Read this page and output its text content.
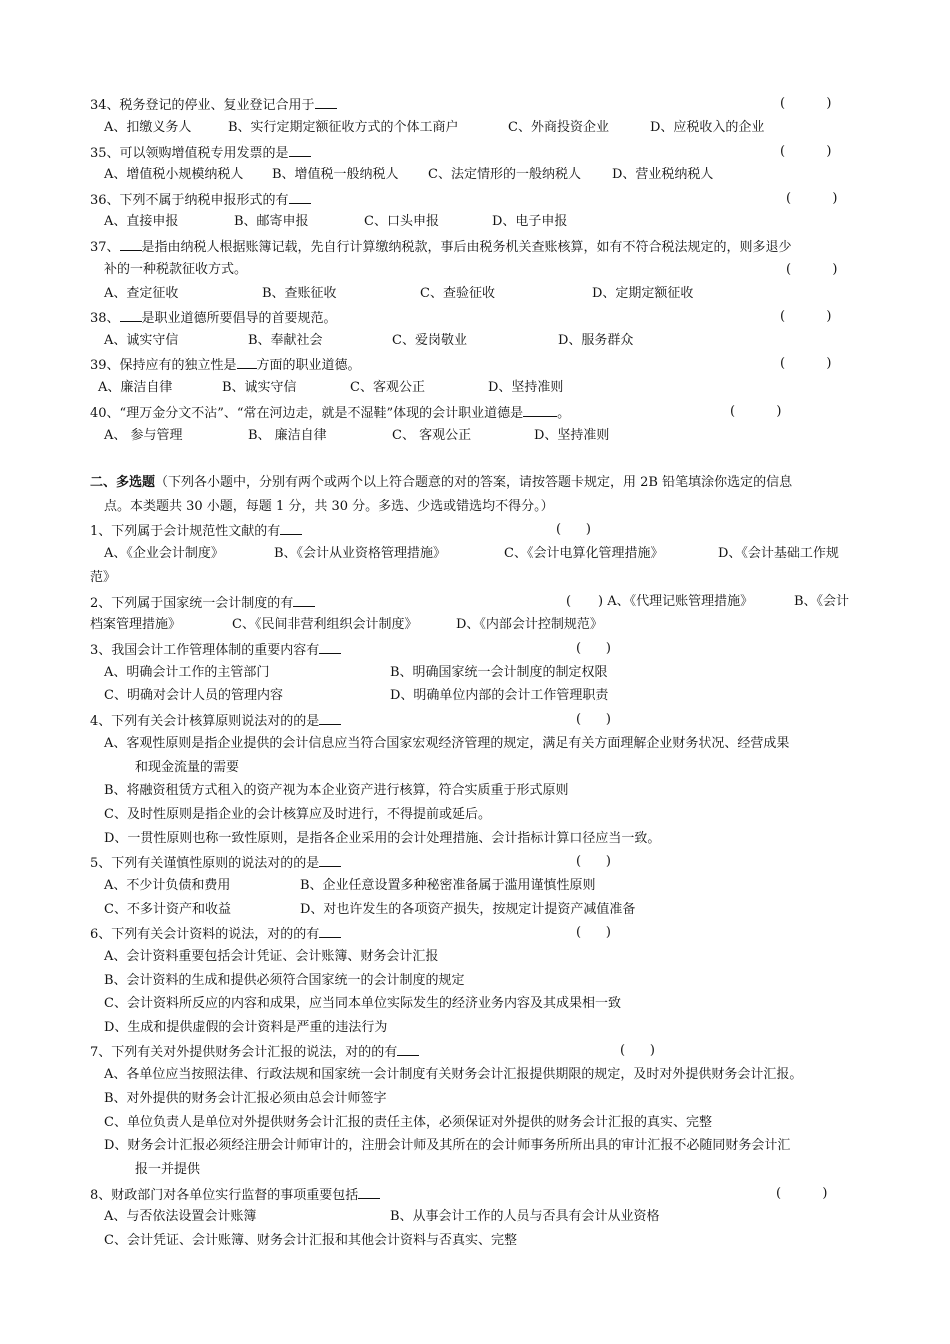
34、税务登记的停业、复业登记合用于	(          )
A、扣缴义务人	B、实行定期定额征收方式的个体工商户	C、外商投资企业	D、应税收入的企业
35、可以领购增值税专用发票的是	(          )
A、增值税小规模纳税人 B、增值税一般纳税人 C、法定情形的一般纳税人 D、营业税纳税人
36、下列不属于纳税申报形式的有	(          )
A、直接申报	B、邮寄申报	C、口头申报	D、电子申报
37、 是指由纳税人根据账簿记载，先自行计算缴纳税款，事后由税务机关查账核算，如有不符合税法规定的，则多退少
补的一种税款征收方式。	(          )
A、查定征收	B、查账征收	C、查验征收	D、定期定额征收
38、 是职业道德所要倡导的首要规范。	(          )
A、诚实守信	B、奉献社会	C、爱岗敬业	D、服务群众
39、保持应有的独立性是 方面的职业道德。	(          )
A、廉洁自律	B、诚实守信	C、客观公正	D、坚持准则
40、“理万金分文不沾”、“常在河边走，就是不湿鞋”体现的会计职业道德是	。	(          )
A、 参与管理	B、 廉洁自律	C、 客观公正	D、坚持准则
二、多选题（下列各小题中，分别有两个或两个以上符合题意的对的答案，请按答题卡规定，用 2B 铅笔填涂你选定的信息
点。本类题共 30 小题，每题 1 分，共 30 分。多选、少选或错选均不得分。）
1、下列属于会计规范性文献的有	(      )
A、《企业会计制度》	B、《会计从业资格管理措施》	C、《会计电算化管理措施》	D、《会计基础工作规
范》
2、下列属于国家统一会计制度的有	( ) A、《代理记账管理措施》	B、《会计
档案管理措施》	C、《民间非营利组织会计制度》	D、《内部会计控制规范》
3、我国会计工作管理体制的重要内容有	(      )
A、明确会计工作的主管部门	B、明确国家统一会计制度的制定权限
C、明确对会计人员的管理内容	D、明确单位内部的会计工作管理职责
4、下列有关会计核算原则说法对的的是	(      )
A、客观性原则是指企业提供的会计信息应当符合国家宏观经济管理的规定，满足有关方面理解企业财务状况、经营成果
和现金流量的需要
B、将融资租赁方式租入的资产视为本企业资产进行核算，符合实质重于形式原则
C、及时性原则是指企业的会计核算应及时进行，不得提前或延后。
D、一贯性原则也称一致性原则，是指各企业采用的会计处理措施、会计指标计算口径应当一致。
5、下列有关谨慎性原则的说法对的的是	(      )
A、不少计负债和费用	B、企业任意设置多种秘密准备属于滥用谨慎性原则
C、不多计资产和收益	D、对也许发生的各项资产损失，按规定计提资产减值准备
6、下列有关会计资料的说法，对的的有	(      )
A、会计资料重要包括会计凭证、会计账簿、财务会计汇报
B、会计资料的生成和提供必须符合国家统一的会计制度的规定
C、会计资料所反应的内容和成果，应当同本单位实际发生的经济业务内容及其成果相一致
D、生成和提供虚假的会计资料是严重的违法行为
7、下列有关对外提供财务会计汇报的说法，对的的有	(      )
A、各单位应当按照法律、行政法规和国家统一会计制度有关财务会计汇报提供期限的规定，及时对外提供财务会计汇报。
B、对外提供的财务会计汇报必须由总会计师签字
C、单位负责人是单位对外提供财务会计汇报的责任主体，必须保证对外提供的财务会计汇报的真实、完整
D、财务会计汇报必须经注册会计师审计的，注册会计师及其所在的会计师事务所所出具的审计汇报不必随同财务会计汇
报一并提供
8、财政部门对各单位实行监督的事项重要包括	(          )
A、与否依法设置会计账簿	B、从事会计工作的人员与否具有会计从业资格
C、会计凭证、会计账簿、财务会计汇报和其他会计资料与否真实、完整
